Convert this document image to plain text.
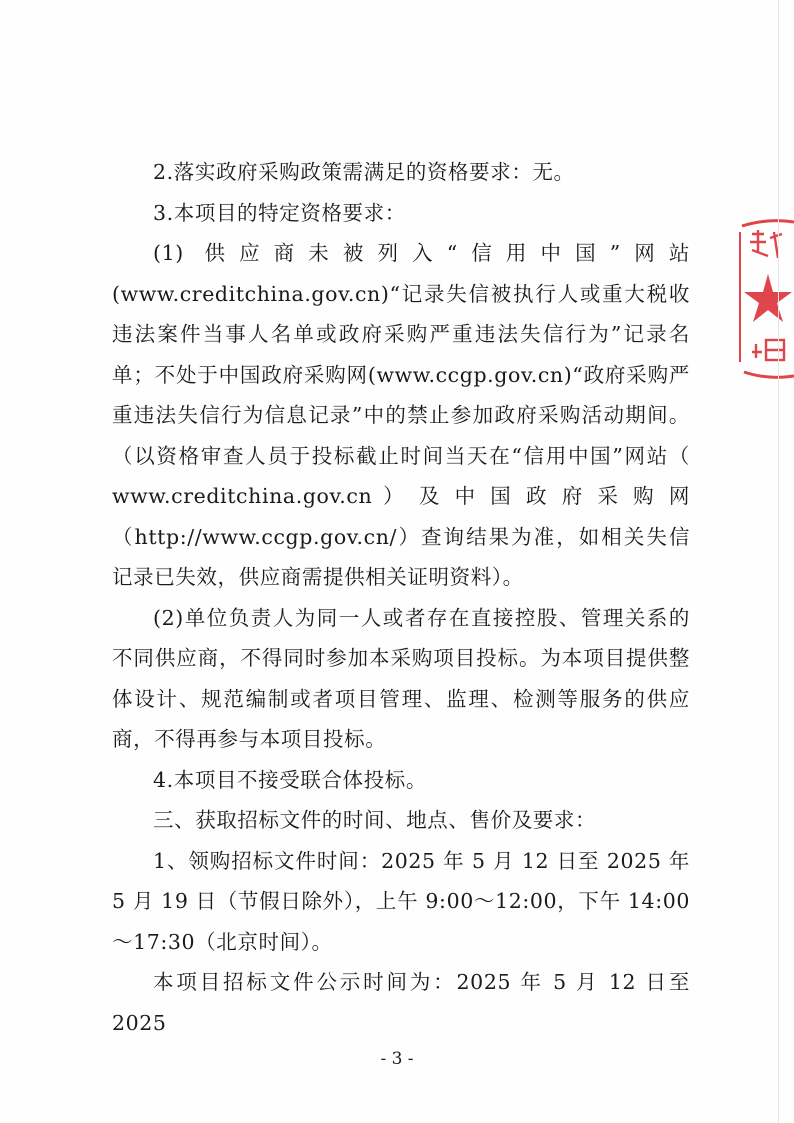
2.落实政府采购政策需满足的资格要求：无。

3.本项目的特定资格要求：

(1) 供应商未被列入“信用中国”网站(www.creditchina.gov.cn)“记录失信被执行人或重大税收违法案件当事人名单或政府采购严重违法失信行为”记录名单；不处于中国政府采购网(www.ccgp.gov.cn)“政府采购严重违法失信行为信息记录”中的禁止参加政府采购活动期间。（以资格审查人员于投标截止时间当天在“信用中国”网站（ www.creditchina.gov.cn ） 及 中 国 政 府 采 购 网（http://www.ccgp.gov.cn/）查询结果为准，如相关失信记录已失效，供应商需提供相关证明资料）。

(2)单位负责人为同一人或者存在直接控股、管理关系的不同供应商，不得同时参加本采购项目投标。为本项目提供整体设计、规范编制或者项目管理、监理、检测等服务的供应商，不得再参与本项目投标。

4.本项目不接受联合体投标。

三、获取招标文件的时间、地点、售价及要求：

1、领购招标文件时间：2025 年 5 月 12 日至 2025 年 5 月 19 日（节假日除外），上午 9:00～12:00，下午 14:00～17:30（北京时间）。

本项目招标文件公示时间为：2025 年 5 月 12 日至 2025

- 3 -
